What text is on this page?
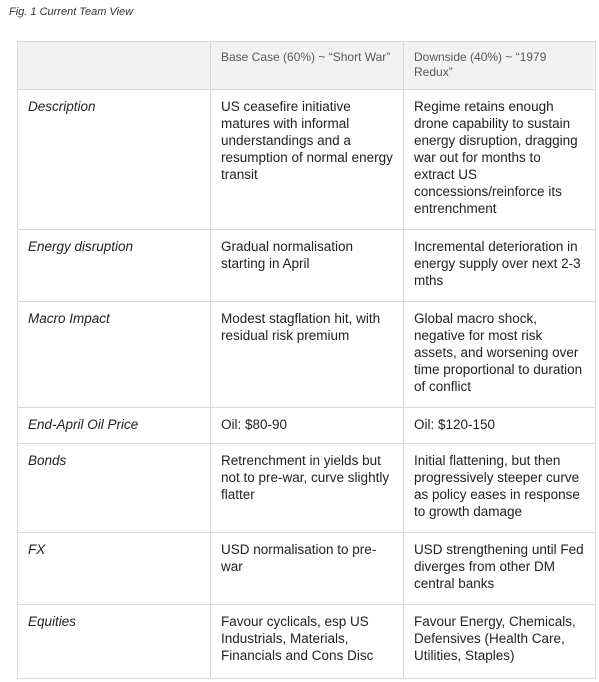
Fig. 1 Current Team View
	Base Case (60%) ~ “Short War”	Downside (40%) ~ “1979 Redux”
Description	US ceasefire initiative matures with informal understandings and a resumption of normal energy transit	Regime retains enough drone capability to sustain energy disruption, dragging war out for months to extract US concessions/reinforce its entrenchment
Energy disruption	Gradual normalisation starting in April	Incremental deterioration in energy supply over next 2-3 mths
Macro Impact	Modest stagflation hit, with residual risk premium	Global macro shock, negative for most risk assets, and worsening over time proportional to duration of conflict
End-April Oil Price	Oil: $80-90	Oil: $120-150
Bonds	Retrenchment in yields but not to pre-war, curve slightly flatter	Initial flattening, but then progressively steeper curve as policy eases in response to growth damage
FX	USD normalisation to pre-war	USD strengthening until Fed diverges from other DM central banks
Equities	Favour cyclicals, esp US Industrials, Materials, Financials and Cons Disc	Favour Energy, Chemicals, Defensives (Health Care, Utilities, Staples)
